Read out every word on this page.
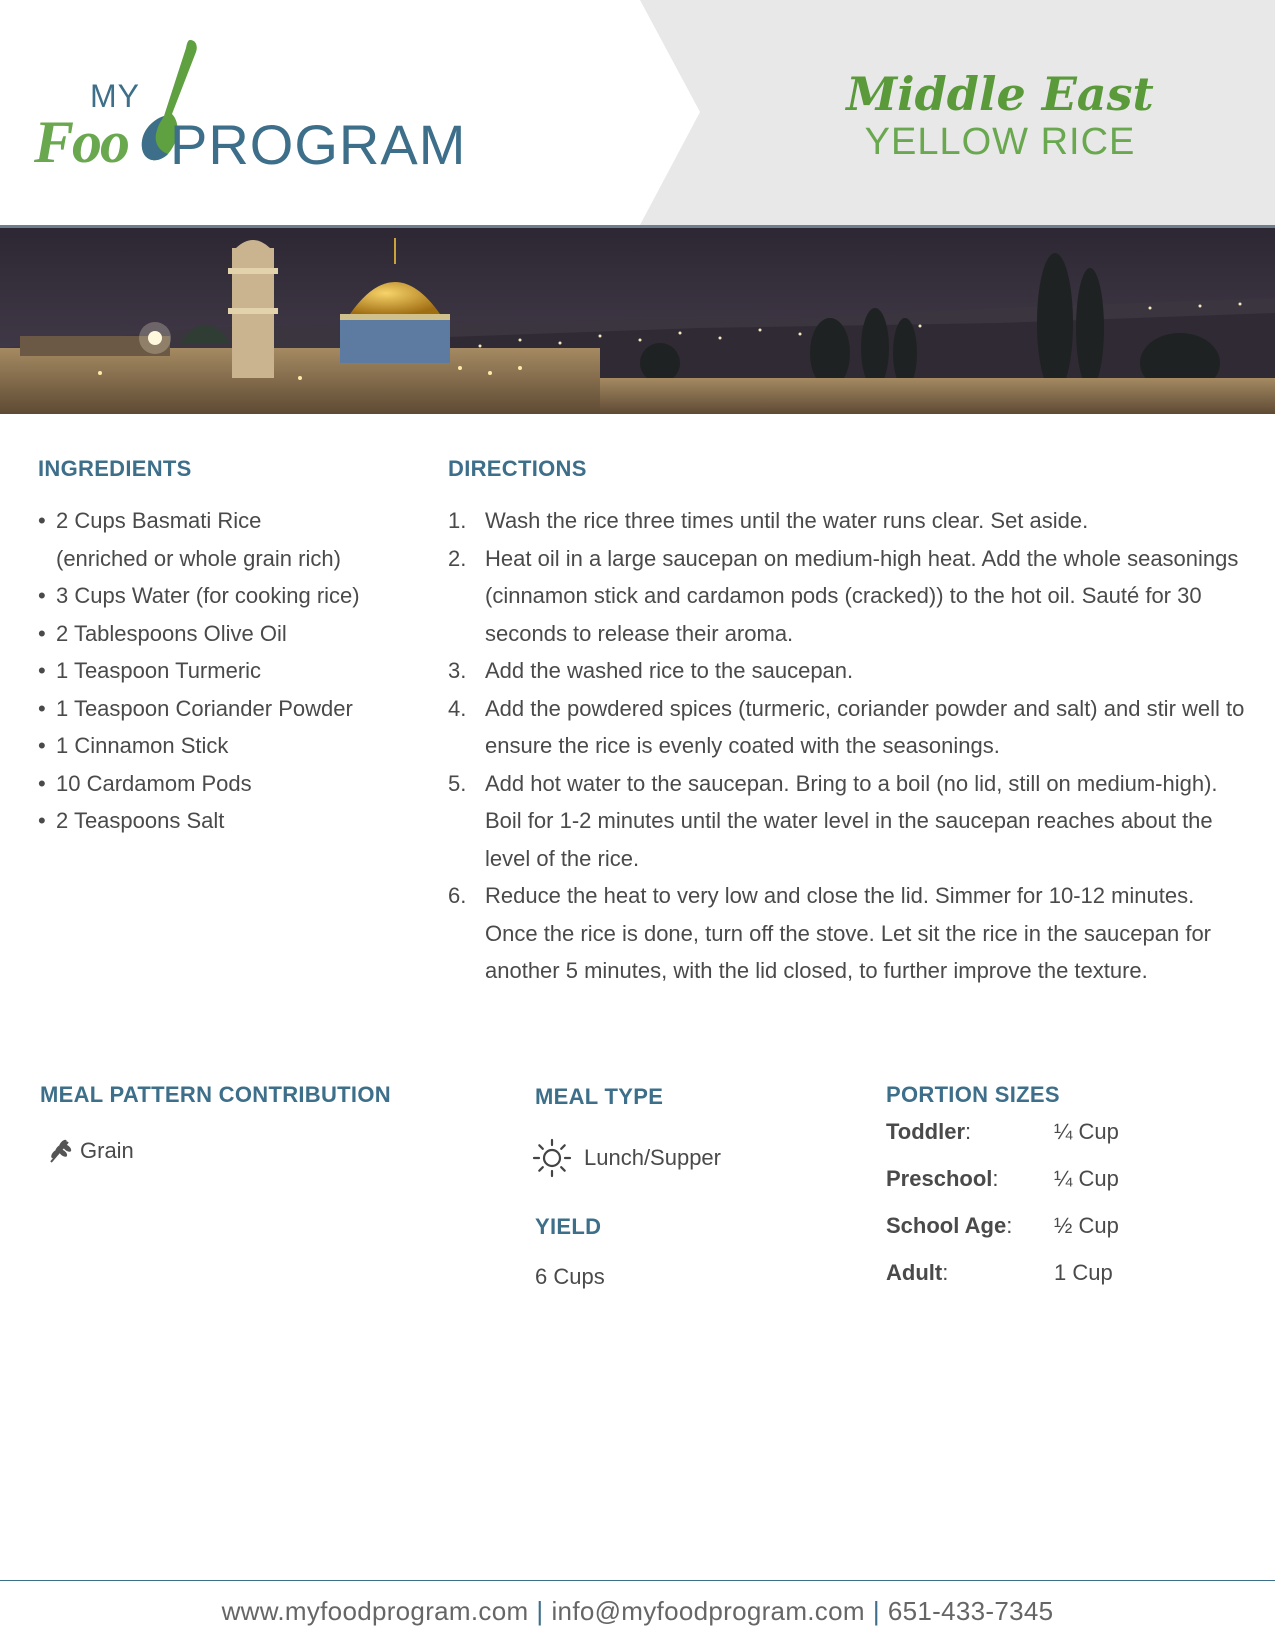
MY
Foo PROGRAM
Middle East
YELLOW RICE
INGREDIENTS
• 2 Cups Basmati Rice
(enriched or whole grain rich)
• 3 Cups Water (for cooking rice)
• 2 Tablespoons Olive Oil
• 1 Teaspoon Turmeric
• 1 Teaspoon Coriander Powder
• 1 Cinnamon Stick
• 10 Cardamom Pods
• 2 Teaspoons Salt
DIRECTIONS
1. Wash the rice three times until the water runs clear. Set aside.
2. Heat oil in a large saucepan on medium-high heat. Add the whole seasonings (cinnamon stick and cardamon pods (cracked)) to the hot oil. Sauté for 30 seconds to release their aroma.
3. Add the washed rice to the saucepan.
4. Add the powdered spices (turmeric, coriander powder and salt) and stir well to ensure the rice is evenly coated with the seasonings.
5. Add hot water to the saucepan. Bring to a boil (no lid, still on medium-high). Boil for 1-2 minutes until the water level in the saucepan reaches about the level of the rice.
6. Reduce the heat to very low and close the lid. Simmer for 10-12 minutes. Once the rice is done, turn off the stove. Let sit the rice in the saucepan for another 5 minutes, with the lid closed, to further improve the texture.
MEAL PATTERN CONTRIBUTION
Grain
MEAL TYPE
Lunch/Supper
YIELD
6 Cups
PORTION SIZES
Toddler:	¼ Cup
Preschool:	¼ Cup
School Age:	½ Cup
Adult:	1 Cup
www.myfoodprogram.com | info@myfoodprogram.com | 651-433-7345
